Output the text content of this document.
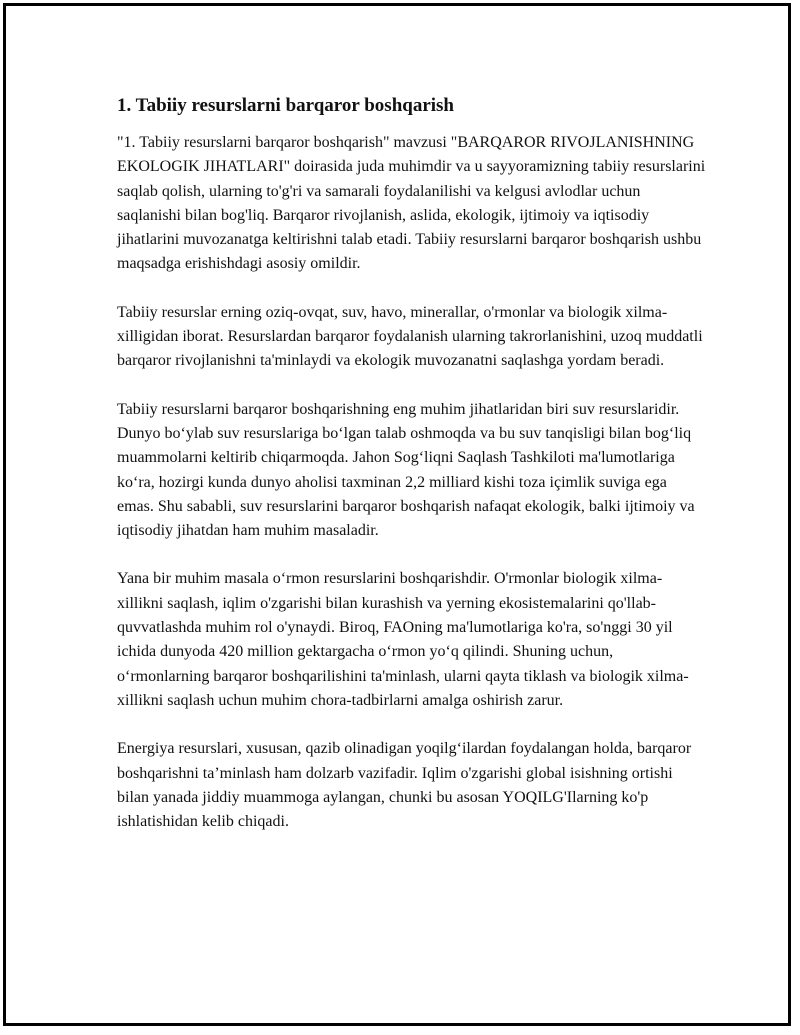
1. Tabiiy resurslarni barqaror boshqarish

"1. Tabiiy resurslarni barqaror boshqarish" mavzusi "BARQAROR RIVOJLANISHNING EKOLOGIK JIHATLARI" doirasida juda muhimdir va u sayyoramizning tabiiy resurslarini saqlab qolish, ularning to'g'ri va samarali foydalanilishi va kelgusi avlodlar uchun saqlanishi bilan bog'liq. Barqaror rivojlanish, aslida, ekologik, ijtimoiy va iqtisodiy jihatlarini muvozanatga keltirishni talab etadi. Tabiiy resurslarni barqaror boshqarish ushbu maqsadga erishishdagi asosiy omildir.

Tabiiy resurslar erning oziq-ovqat, suv, havo, minerallar, o'rmonlar va biologik xilma-xilligidan iborat. Resurslardan barqaror foydalanish ularning takrorlanishini, uzoq muddatli barqaror rivojlanishni ta'minlaydi va ekologik muvozanatni saqlashga yordam beradi.

Tabiiy resurslarni barqaror boshqarishning eng muhim jihatlaridan biri suv resurslaridir. Dunyo bo‘ylab suv resurslariga bo‘lgan talab oshmoqda va bu suv tanqisligi bilan bog‘liq muammolarni keltirib chiqarmoqda. Jahon Sog‘liqni Saqlash Tashkiloti ma'lumotlariga ko‘ra, hozirgi kunda dunyo aholisi taxminan 2,2 milliard kishi toza içimlik suviga ega emas. Shu sababli, suv resurslarini barqaror boshqarish nafaqat ekologik, balki ijtimoiy va iqtisodiy jihatdan ham muhim masaladir.

Yana bir muhim masala o‘rmon resurslarini boshqarishdir. O'rmonlar biologik xilma-xillikni saqlash, iqlim o'zgarishi bilan kurashish va yerning ekosistemalarini qo'llab-quvvatlashda muhim rol o'ynaydi. Biroq, FAOning ma'lumotlariga ko'ra, so'nggi 30 yil ichida dunyoda 420 million gektargacha o‘rmon yo‘q qilindi. Shuning uchun, o‘rmonlarning barqaror boshqarilishini ta'minlash, ularni qayta tiklash va biologik xilma-xillikni saqlash uchun muhim chora-tadbirlarni amalga oshirish zarur.

Energiya resurslari, xususan, qazib olinadigan yoqilg‘ilardan foydalangan holda, barqaror boshqarishni ta’minlash ham dolzarb vazifadir. Iqlim o'zgarishi global isishning ortishi bilan yanada jiddiy muammoga aylangan, chunki bu asosan YOQILG'Ilarning ko'p ishlatishidan kelib chiqadi.
